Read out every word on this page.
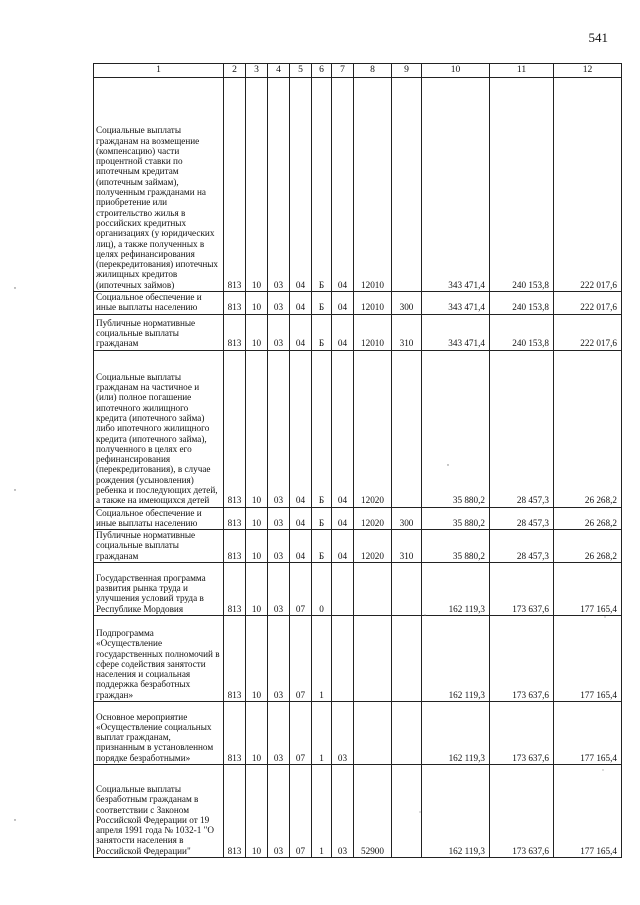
541
1	2	3	4	5	6	7	8	9	10	11	12
Социальные выплаты гражданам на возмещение (компенсацию) части процентной ставки по ипотечным кредитам (ипотечным займам), полученным гражданами на приобретение или строительство жилья в российских кредитных организациях (у юридических лиц), а также полученных в целях рефинансирования (перекредитования) ипотечных жилищных кредитов (ипотечных займов)	813	10	03	04	Б	04	12010		343 471,4	240 153,8	222 017,6
Социальное обеспечение и иные выплаты населению	813	10	03	04	Б	04	12010	300	343 471,4	240 153,8	222 017,6
Публичные нормативные социальные выплаты гражданам	813	10	03	04	Б	04	12010	310	343 471,4	240 153,8	222 017,6
Социальные выплаты гражданам на частичное и (или) полное погашение ипотечного жилищного кредита (ипотечного займа) либо ипотечного жилищного кредита (ипотечного займа), полученного в целях его рефинансирования (перекредитования), в случае рождения (усыновления) ребенка и последующих детей, а также на имеющихся детей	813	10	03	04	Б	04	12020		35 880,2	28 457,3	26 268,2
Социальное обеспечение и иные выплаты населению	813	10	03	04	Б	04	12020	300	35 880,2	28 457,3	26 268,2
Публичные нормативные социальные выплаты гражданам	813	10	03	04	Б	04	12020	310	35 880,2	28 457,3	26 268,2
Государственная программа развития рынка труда и улучшения условий труда в Республике Мордовия	813	10	03	07	0				162 119,3	173 637,6	177 165,4
Подпрограмма «Осуществление государственных полномочий в сфере содействия занятости населения и социальная поддержка безработных граждан»	813	10	03	07	1				162 119,3	173 637,6	177 165,4
Основное мероприятие «Осуществление социальных выплат гражданам, признанным в установленном порядке безработными»	813	10	03	07	1	03			162 119,3	173 637,6	177 165,4
Социальные выплаты безработным гражданам в соответствии с Законом Российской Федерации от 19 апреля 1991 года № 1032-1 "О занятости населения в Российской Федерации"	813	10	03	07	1	03	52900		162 119,3	173 637,6	177 165,4
